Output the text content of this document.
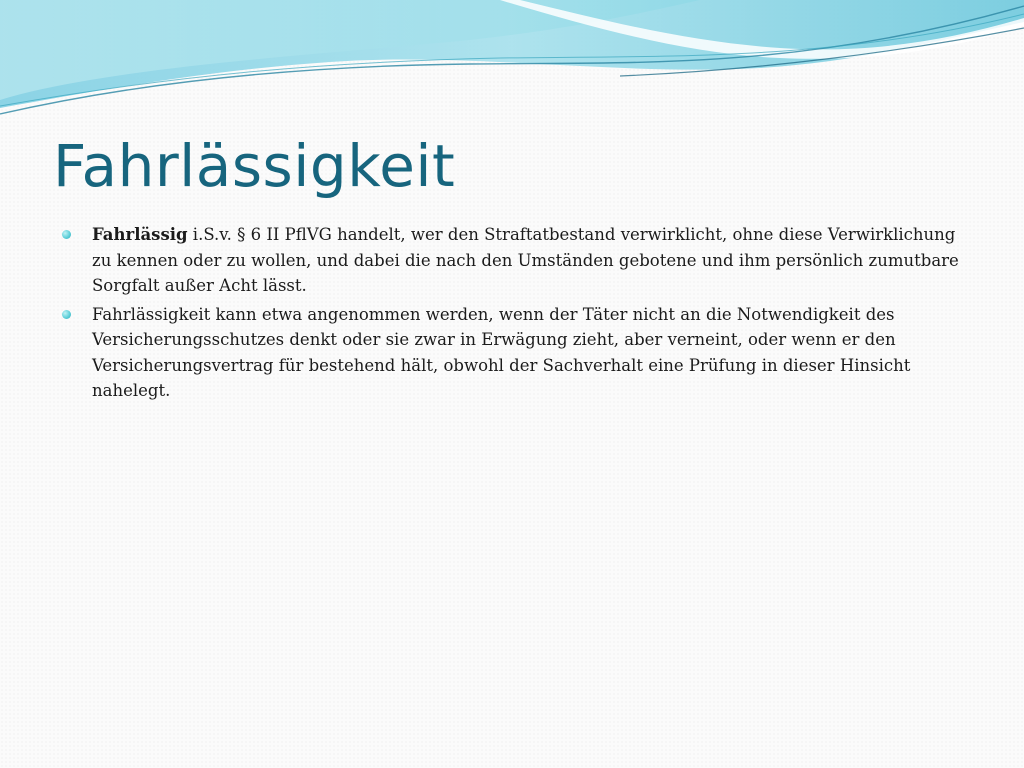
Fahrlässigkeit
Fahrlässig i.S.v. § 6 II PflVG handelt, wer den Straftatbestand verwirklicht, ohne diese Verwirklichung zu kennen oder zu wollen, und dabei die nach den Umständen gebotene und ihm persönlich zumutbare Sorgfalt außer Acht lässt.
Fahrlässigkeit kann etwa angenommen werden, wenn der Täter nicht an die Notwendigkeit des Versicherungsschutzes denkt oder sie zwar in Erwägung zieht, aber verneint, oder wenn er den Versicherungsvertrag für bestehend hält, obwohl der Sachverhalt eine Prüfung in dieser Hinsicht nahelegt.
